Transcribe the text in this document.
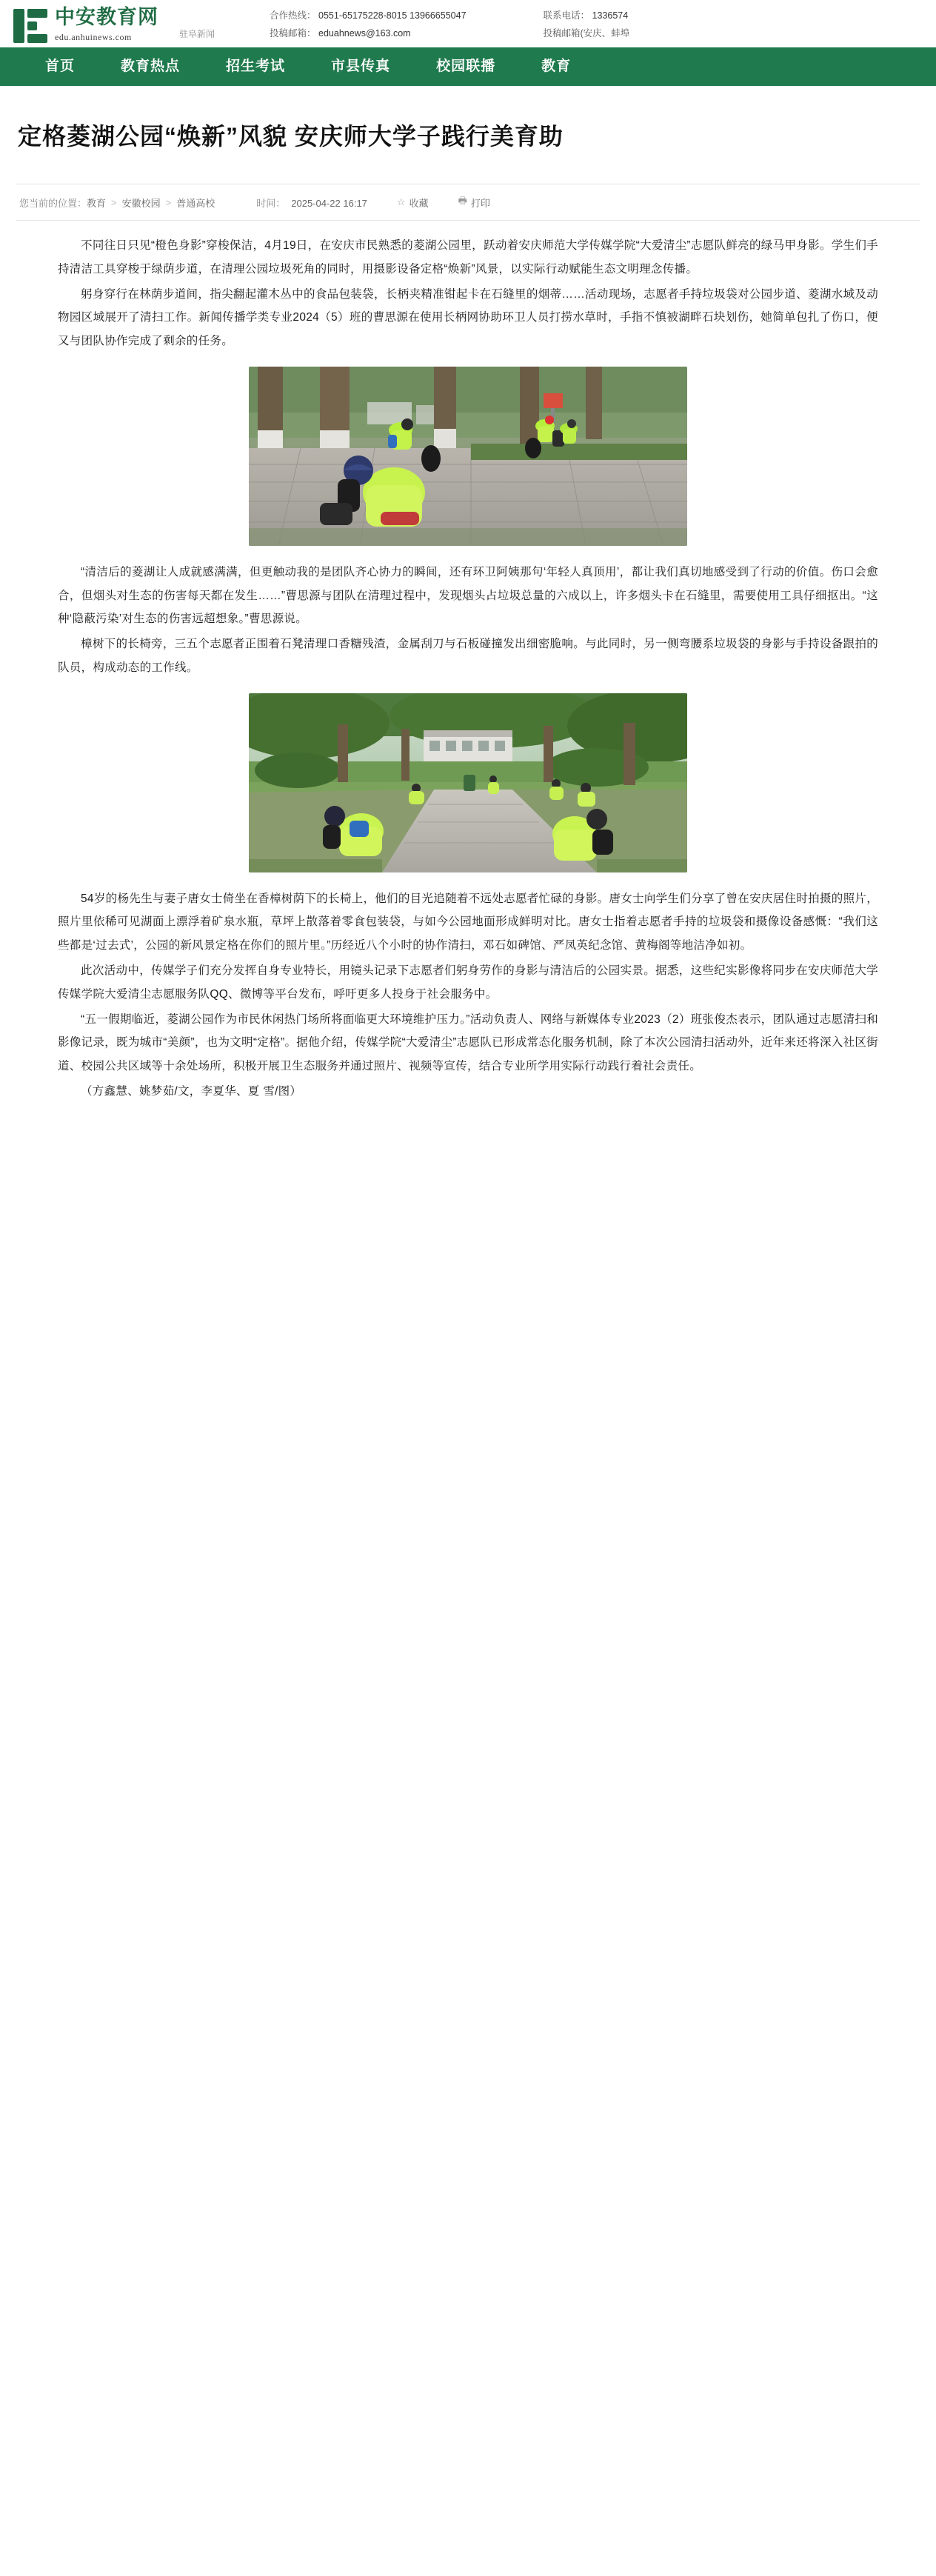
中安教育网
edu.anhuinews.com	驻阜新闻
合作热线： 0551-65175228-8015 13966655047
投稿邮箱： eduahnews@163.com
联系电话： 1336574
投稿邮箱(安庆、蚌埠
首页	教育热点	招生考试	市县传真	校园联播	教育
定格菱湖公园“焕新”风貌 安庆师大学子践行美育助
您当前的位置： 教育 > 安徽校园 > 普通高校	时间： 2025-04-22 16:17	☆ 收藏	🖶 打印

不同往日只见“橙色身影”穿梭保洁，4月19日，在安庆市民熟悉的菱湖公园里，跃动着安庆师范大学传媒学院“大爱清尘”志愿队鲜亮的绿马甲身影。学生们手持清洁工具穿梭于绿荫步道，在清理公园垃圾死角的同时，用摄影设备定格“焕新”风景，以实际行动赋能生态文明理念传播。

躬身穿行在林荫步道间，指尖翻起灌木丛中的食品包装袋，长柄夹精准钳起卡在石缝里的烟蒂……活动现场，志愿者手持垃圾袋对公园步道、菱湖水域及动物园区域展开了清扫工作。新闻传播学类专业2024（5）班的曹思源在使用长柄网协助环卫人员打捞水草时，手指不慎被湖畔石块划伤，她简单包扎了伤口，便又与团队协作完成了剩余的任务。

“清洁后的菱湖让人成就感满满，但更触动我的是团队齐心协力的瞬间，还有环卫阿姨那句‘年轻人真顶用’，都让我们真切地感受到了行动的价值。伤口会愈合，但烟头对生态的伤害每天都在发生……”曹思源与团队在清理过程中，发现烟头占垃圾总量的六成以上，许多烟头卡在石缝里，需要使用工具仔细抠出。“这种‘隐蔽污染’对生态的伤害远超想象。”曹思源说。

樟树下的长椅旁，三五个志愿者正围着石凳清理口香糖残渣，金属刮刀与石板碰撞发出细密脆响。与此同时，另一侧弯腰系垃圾袋的身影与手持设备跟拍的队员，构成动态的工作线。

54岁的杨先生与妻子唐女士倚坐在香樟树荫下的长椅上，他们的目光追随着不远处志愿者忙碌的身影。唐女士向学生们分享了曾在安庆居住时拍摄的照片，照片里依稀可见湖面上漂浮着矿泉水瓶，草坪上散落着零食包装袋，与如今公园地面形成鲜明对比。唐女士指着志愿者手持的垃圾袋和摄像设备感慨：“我们这些都是‘过去式’，公园的新风景定格在你们的照片里。”历经近八个小时的协作清扫，邓石如碑馆、严凤英纪念馆、黄梅阁等地洁净如初。

此次活动中，传媒学子们充分发挥自身专业特长，用镜头记录下志愿者们躬身劳作的身影与清洁后的公园实景。据悉，这些纪实影像将同步在安庆师范大学传媒学院大爱清尘志愿服务队QQ、微博等平台发布，呼吁更多人投身于社会服务中。

“五一假期临近，菱湖公园作为市民休闲热门场所将面临更大环境维护压力。”活动负责人、网络与新媒体专业2023（2）班张俊杰表示，团队通过志愿清扫和影像记录，既为城市“美颜”，也为文明“定格”。据他介绍，传媒学院“大爱清尘”志愿队已形成常态化服务机制，除了本次公园清扫活动外，近年来还将深入社区街道、校园公共区域等十余处场所，积极开展卫生态服务并通过照片、视频等宣传，结合专业所学用实际行动践行着社会责任。

（方鑫慧、姚梦茹/文，李夏华、夏 雪/图）
